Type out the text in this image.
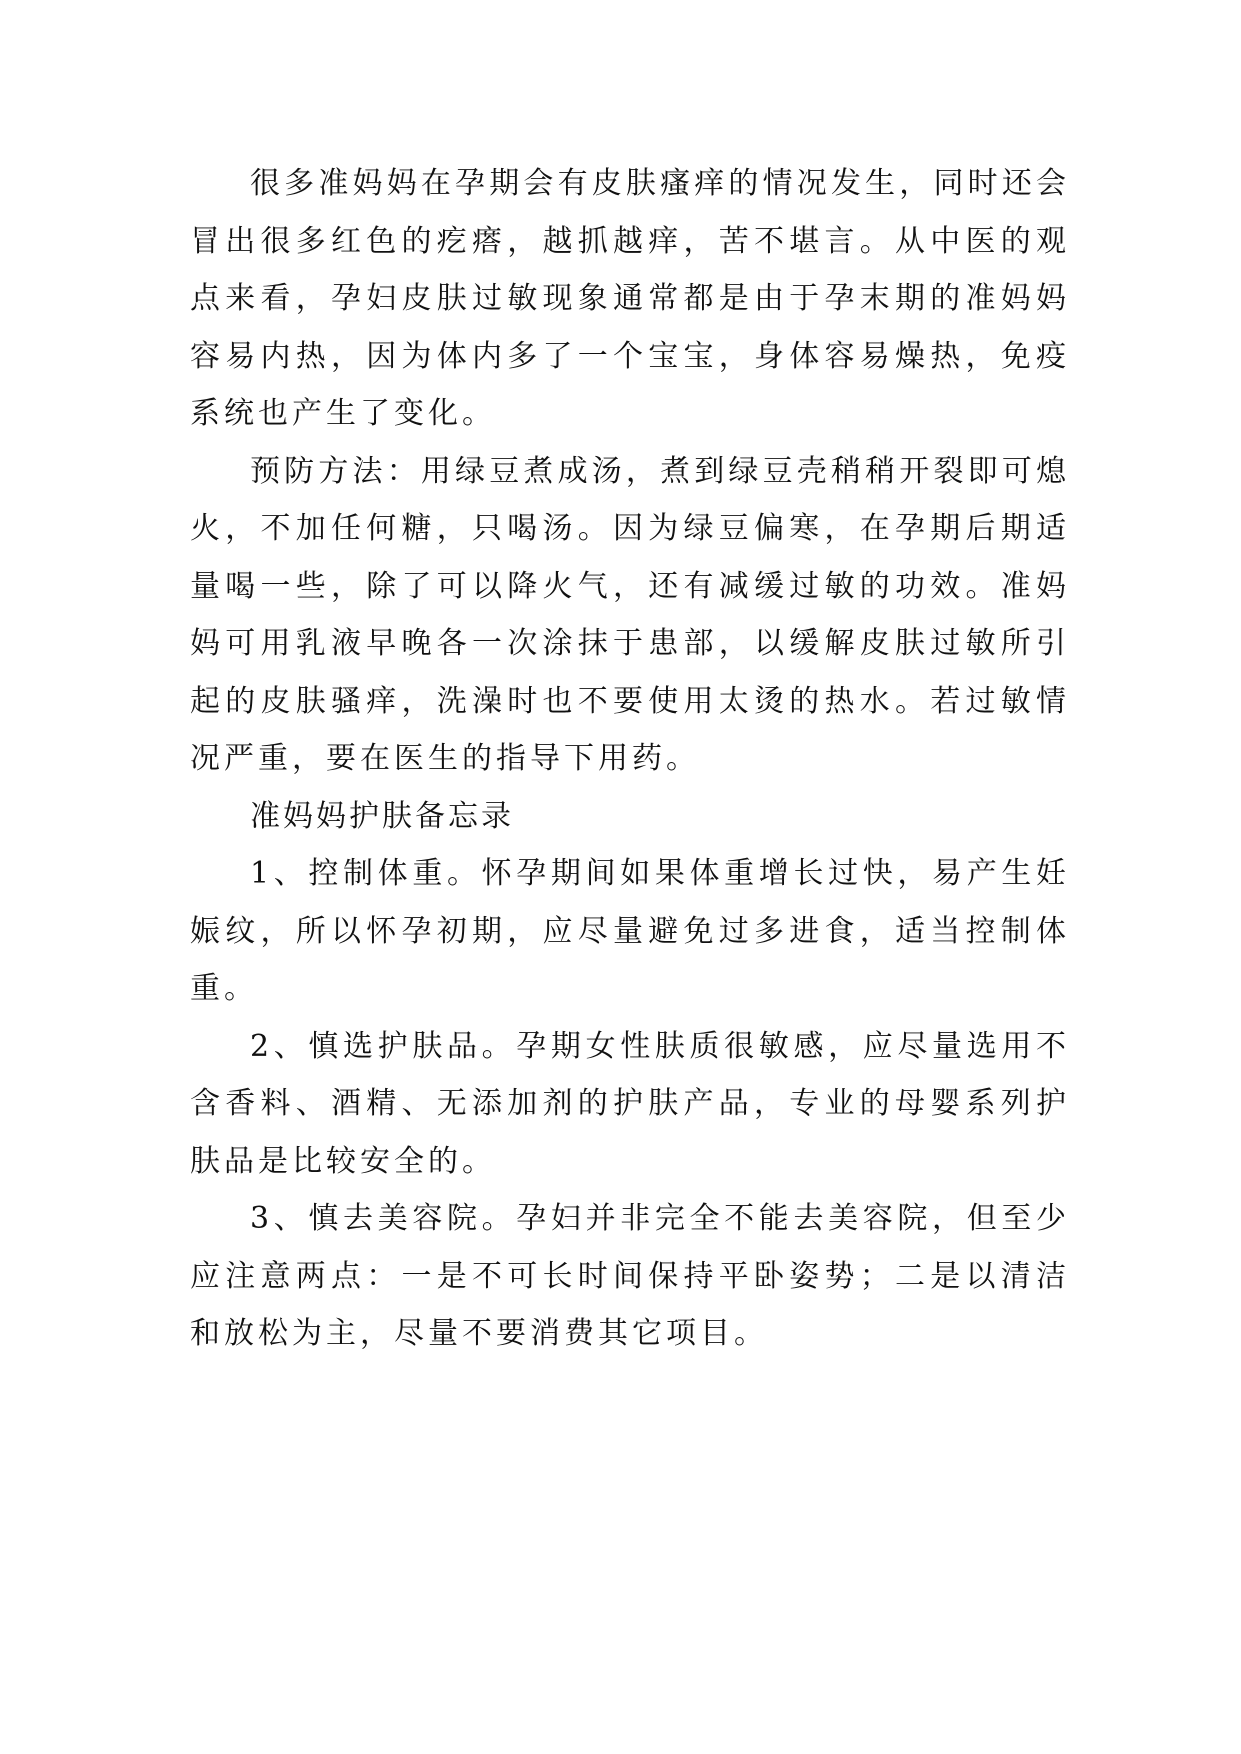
很多准妈妈在孕期会有皮肤瘙痒的情况发生，同时还会冒出很多红色的疙瘩，越抓越痒，苦不堪言。从中医的观点来看，孕妇皮肤过敏现象通常都是由于孕末期的准妈妈容易内热，因为体内多了一个宝宝，身体容易燥热，免疫系统也产生了变化。

预防方法：用绿豆煮成汤，煮到绿豆壳稍稍开裂即可熄火，不加任何糖，只喝汤。因为绿豆偏寒，在孕期后期适量喝一些，除了可以降火气，还有减缓过敏的功效。准妈妈可用乳液早晚各一次涂抹于患部，以缓解皮肤过敏所引起的皮肤骚痒，洗澡时也不要使用太烫的热水。若过敏情况严重，要在医生的指导下用药。

准妈妈护肤备忘录

1、控制体重。怀孕期间如果体重增长过快，易产生妊娠纹，所以怀孕初期，应尽量避免过多进食，适当控制体重。

2、慎选护肤品。孕期女性肤质很敏感，应尽量选用不含香料、酒精、无添加剂的护肤产品，专业的母婴系列护肤品是比较安全的。

3、慎去美容院。孕妇并非完全不能去美容院，但至少应注意两点：一是不可长时间保持平卧姿势；二是以清洁和放松为主，尽量不要消费其它项目。
